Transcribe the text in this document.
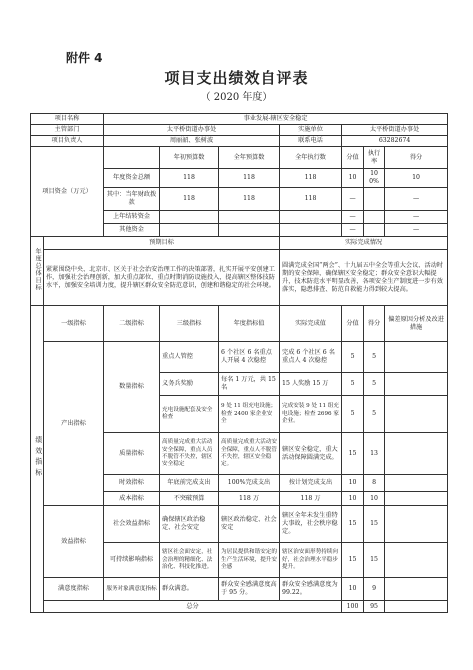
附件 4
项目支出绩效自评表
（ 2020 年度）
项目名称		事业发展-辖区安全稳定						
主管部门		太平桥街道办事处			实施单位	太平桥街道办事处		
项目负责人		周丽韶、张树波			联系电话	63282674		
项目资金（万元）			年初预算数	全年预算数	全年执行数	分值	执行率	得分
		年度资金总额	118	118	118	10	100%	10
		其中：当年财政拨款	118	118	118	—		—
		上年结转资金				—		—
		其他资金				—		—
年度总体目标	预期目标				实际完成情况			
	紧紧围绕中央、北京市、区关于社会治安治理工作的决策部署，扎实开展平安创建工作，加强社会治理创新，加大重点部位、重点时期消防设施投入，提高辖区整体技防水平，加强安全培训力度，提升辖区群众安全防范意识，创建和谐稳定的社会环境。				圆满完成全国“两会”、十九届五中全会等重大会议、活动时期的安全保障，确保辖区安全稳定；群众安全意识大幅提升，技术防范水平明显改善，各项安全生产制度进一步有效落实，隐患排查、防范自救能力得到较大提高。			
绩效指标	一级指标	二级指标	三级指标	年度指标值	实际完成值	分值	得分	偏差原因分析及改进措施
	产出指标	数量指标	重点人管控	6 个社区 6 名重点人开展 4 次稳控	完成 6 个社区 6 名重点人 4 次稳控	5	5	
			义务兵奖励	每名 1 万元，共 15 名	15 人奖励 15 万	5	5	
			充电设施配套及安全检查	9 处 11 组充电设施；检查 2400 家企业安全	完成安装 9 处 11 组充电设施；检查 2696 家企业。	5	5	
		质量指标	高质量完成重大活动安全保障，重点人员不脱管不失控，辖区安全稳定	高质量完成重大活动安全保障，重点人不脱管不失控，辖区安全稳定。	辖区安全稳定，重大活动保障圆满完成。	15	13	
		时效指标	年底前完成支出	100%完成支出	按计划完成支出	10	8	
		成本指标	不突破预算	118 万	118 万	10	10	
	效益指标	社会效益指标	确保辖区政治稳定、社会安定	辖区政治稳定、社会安定	辖区全年未发生重特大事故，社会秩序稳定。	15	15	
		可持续影响指标	辖区社会面安定，社会治理的精细化、法治化、科技化推进。	为居民提供和谐安定的生产生活环境，提升安全感	辖区治安面形势持续向好，社会治理水平稳步提升。	15	15	
	满意度指标	服务对象满意度指标	群众满意。	群众安全感满意度高于 95 分。	群众安全感满意度为 99.22。	10	9	
	总分					100	95	
